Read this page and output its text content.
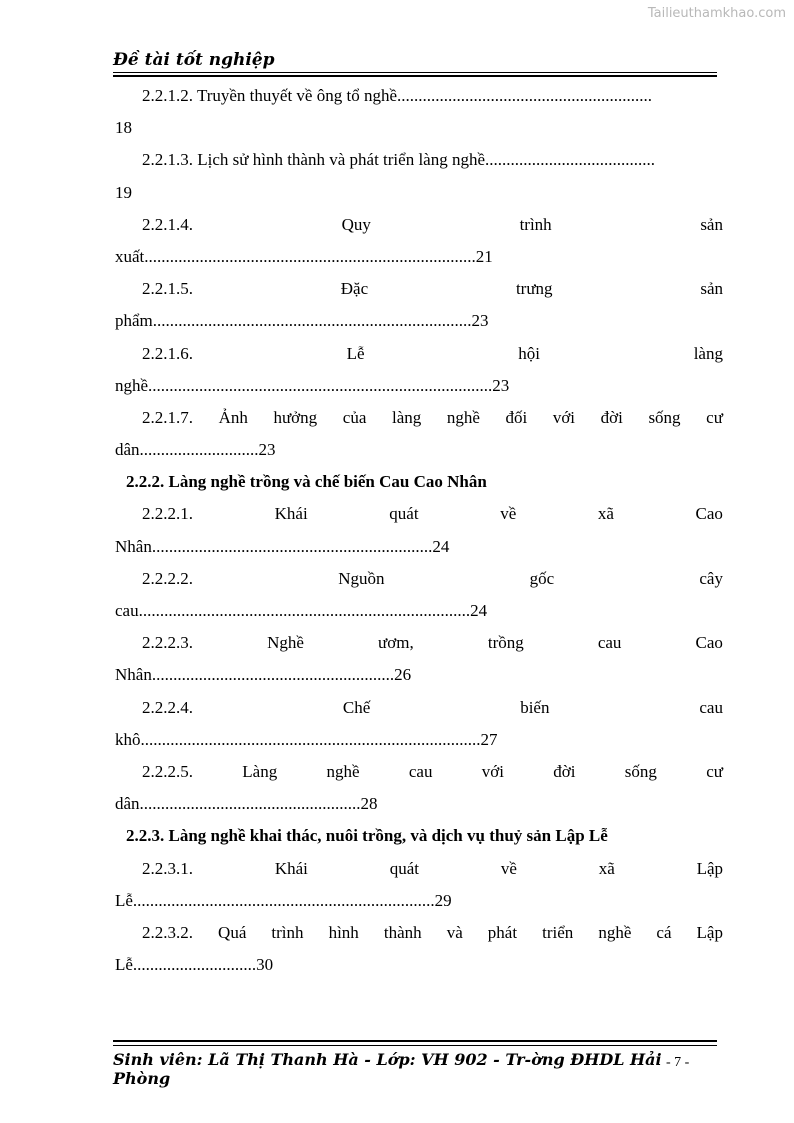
Tailieuthamkhao.com
Đề tài tốt nghiệp
2.2.1.2. Truyền thuyết về ông tổ nghề............................................................
18
2.2.1.3. Lịch sử hình thành và phát triển làng nghề........................................
19
2.2.1.4.	Quy	trình	sản
xuất..............................................................................21
2.2.1.5.	Đặc	trưng	sản
phẩm...........................................................................23
2.2.1.6.	Lễ	hội	làng
nghề.................................................................................23
2.2.1.7. Ảnh hưởng của làng nghề đối với đời sống cư
dân............................23
2.2.2. Làng nghề trồng và chế biến Cau Cao Nhân
2.2.2.1.	Khái	quát	về	xã	Cao
Nhân..................................................................24
2.2.2.2.	Nguồn	gốc	cây
cau..............................................................................24
2.2.2.3.	Nghề	ươm,	trồng	cau	Cao
Nhân.........................................................26
2.2.2.4.	Chế	biến	cau
khô................................................................................27
2.2.2.5.	Làng	nghề	cau	với	đời	sống	cư
dân....................................................28
2.2.3. Làng nghề khai thác, nuôi trồng, và dịch vụ thuỷ sản Lập Lễ
2.2.3.1.	Khái	quát	về	xã	Lập
Lễ.......................................................................29
2.2.3.2. Quá trình hình thành và phát triển nghề cá Lập
Lễ.............................30
Sinh viên: Lã Thị Thanh Hà - Lớp: VH 902 - Tr-ờng ĐHDL Hải Phòng
- 7 -
